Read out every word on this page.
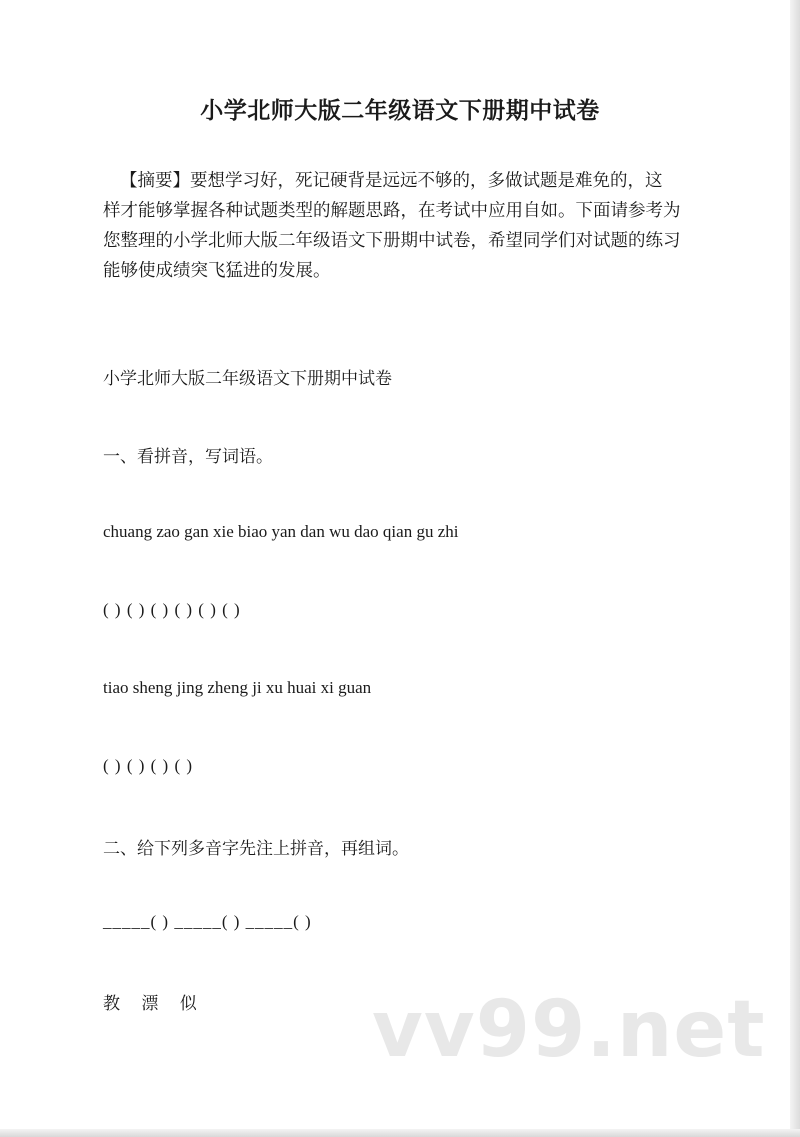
小学北师大版二年级语文下册期中试卷
【摘要】要想学习好，死记硬背是远远不够的，多做试题是难免的，这
样才能够掌握各种试题类型的解题思路，在考试中应用自如。下面请参考为
您整理的小学北师大版二年级语文下册期中试卷，希望同学们对试题的练习
能够使成绩突飞猛进的发展。

小学北师大版二年级语文下册期中试卷

一、看拼音，写词语。

chuang zao gan xie biao yan dan wu dao qian gu zhi

( ) ( ) ( ) ( ) ( ) ( )

tiao sheng jing zheng ji xu huai xi guan

( ) ( ) ( ) ( )

二、给下列多音字先注上拼音，再组词。

_____( ) _____( ) _____( )

教 漂 似 vv99.net
